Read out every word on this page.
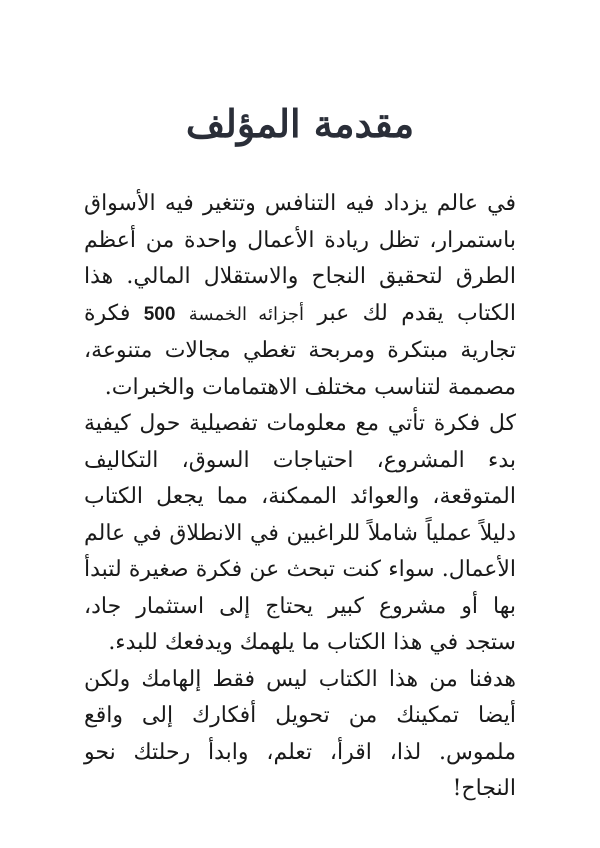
مقدمة المؤلف

في عالم يزداد فيه التنافس وتتغير فيه الأسواق باستمرار، تظل ريادة الأعمال واحدة من أعظم الطرق لتحقيق النجاح والاستقلال المالي. هذا الكتاب يقدم لك عبر أجزائه الخمسة 500 فكرة تجارية مبتكرة ومربحة تغطي مجالات متنوعة، مصممة لتناسب مختلف الاهتمامات والخبرات.

كل فكرة تأتي مع معلومات تفصيلية حول كيفية بدء المشروع، احتياجات السوق، التكاليف المتوقعة، والعوائد الممكنة، مما يجعل الكتاب دليلاً عملياً شاملاً للراغبين في الانطلاق في عالم الأعمال. سواء كنت تبحث عن فكرة صغيرة لتبدأ بها أو مشروع كبير يحتاج إلى استثمار جاد، ستجد في هذا الكتاب ما يلهمك ويدفعك للبدء.

هدفنا من هذا الكتاب ليس فقط إلهامك ولكن أيضا تمكينك من تحويل أفكارك إلى واقع ملموس. لذا، اقرأ، تعلم، وابدأ رحلتك نحو النجاح!
